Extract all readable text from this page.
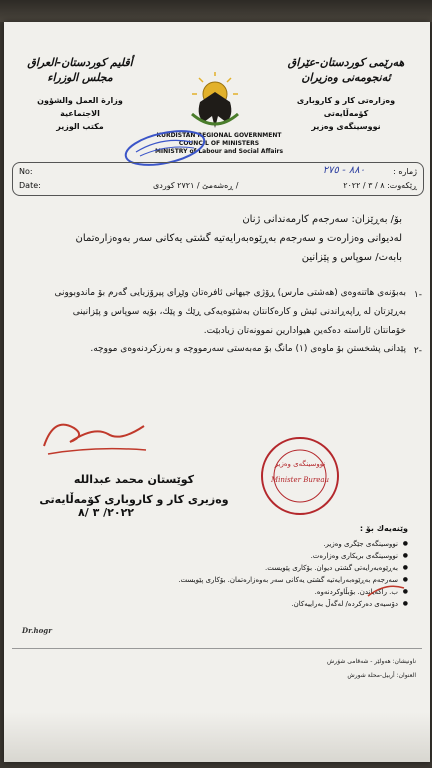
أقليم كوردستان-العراق
مجلس الوزراء
وزارة العمل والشؤون الاجتماعية
مكتب الوزير
هەرێمی کوردستان-عێراق
ئەنجومەنی وەزیران
وەزارەتی كار و كاروباری کۆمەڵایەتی
نووسینگەی وەزیر
KURDISTAN REGIONAL GOVERNMENT
COUNCIL OF MINISTERS
MINISTRY of Labour and Social Affairs
No:
Date:
ژمارە :
٨٨٠ - ٢٧٥
ڕێکەوت: ٨ / ٣ / ٢٠٢٢
/ ڕەشەمێ / ٢٧٢١ كوردی
بۆ/ بەڕێزان: سەرجەم كارمەندانی ژنان
لەدیوانی وەزارەت و سەرجەم بەڕێوەبەرایەتیە گشتی یەكانی سەر بەوەزارەتمان
بابەت/ سوپاس و پێزانین
-١
بەبۆنەی هاتنەوەی (هەشتی مارس) ڕۆژی جیهانی ئافرەتان وێڕای پیرۆزبایی گەرم بۆ ماندوبوونی
بەڕێزتان لە ڕاپەڕاندنی ئیش و كارەكانتان بەشێوەیەكی ڕێك و پێك، بۆیە سوپاس و پێزانینی
خۆمانتان ئاراستە دەكەین هیوادارین نموونەتان زیادبێت.
-٢
پێدانی پشخستن بۆ ماوەی (١) مانگ بۆ مەبەستی سەرمووچە و بەرزكردنەوەی مووچە.
كوێستان محمد عبدالله
وەزیری كار و كاروباری كۆمەڵایەتی
٢٠٢٢/ ٣ /٨
نووسینگەی وەزیر
Minister Bureau
وێنەیەك بۆ :
نووسینگەی جێگری وەزیر. ●
نووسینگەی بریكاری وەزارەت. ●
بەڕێوەبەرایەتی گشتی دیوان. بۆكاری پێویست. ●
سەرجەم بەڕێوەبەرایەتیە گشتی یەكانی سەر بەوەزارەتمان. بۆكاری پێویست. ●
ب. راگەیاندن. بۆبڵاوكردنەوە. ●
دۆسیەی دەرکردە/ لەگەڵ بەراییەكان. ●
Dr.hogr
ناونیشان: هەولێر - شەقامی شۆرش
العنوان: أربیل-محلة شورش
